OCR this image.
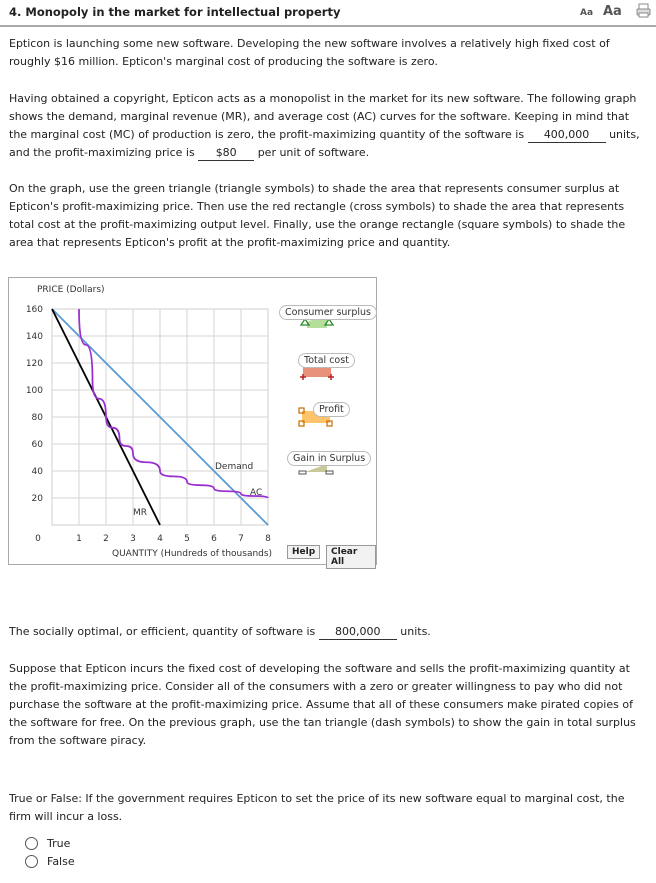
4. Monopoly in the market for intellectual property	Aa Aa
Epticon is launching some new software. Developing the new software involves a relatively high fixed cost of roughly $16 million. Epticon's marginal cost of producing the software is zero.
Having obtained a copyright, Epticon acts as a monopolist in the market for its new software. The following graph shows the demand, marginal revenue (MR), and average cost (AC) curves for the software. Keeping in mind that the marginal cost (MC) of production is zero, the profit-maximizing quantity of the software is 400,000 units, and the profit-maximizing price is $80 per unit of software.
On the graph, use the green triangle (triangle symbols) to shade the area that represents consumer surplus at Epticon's profit-maximizing price. Then use the red rectangle (cross symbols) to shade the area that represents total cost at the profit-maximizing output level. Finally, use the orange rectangle (square symbols) to shade the area that represents Epticon's profit at the profit-maximizing price and quantity.
160
140
120
100
80
60
40
20
0	1 2 3 4 5 6 7 8
PRICE (Dollars)
QUANTITY (Hundreds of thousands)
Demand
AC
MR
Consumer surplus
Total cost
Profit
Gain in Surplus
Help	Clear All
The socially optimal, or efficient, quantity of software is 800,000 units.
Suppose that Epticon incurs the fixed cost of developing the software and sells the profit-maximizing quantity at the profit-maximizing price. Consider all of the consumers with a zero or greater willingness to pay who did not purchase the software at the profit-maximizing price. Assume that all of these consumers make pirated copies of the software for free. On the previous graph, use the tan triangle (dash symbols) to show the gain in total surplus from the software piracy.
True or False: If the government requires Epticon to set the price of its new software equal to marginal cost, the firm will incur a loss.
True
False
